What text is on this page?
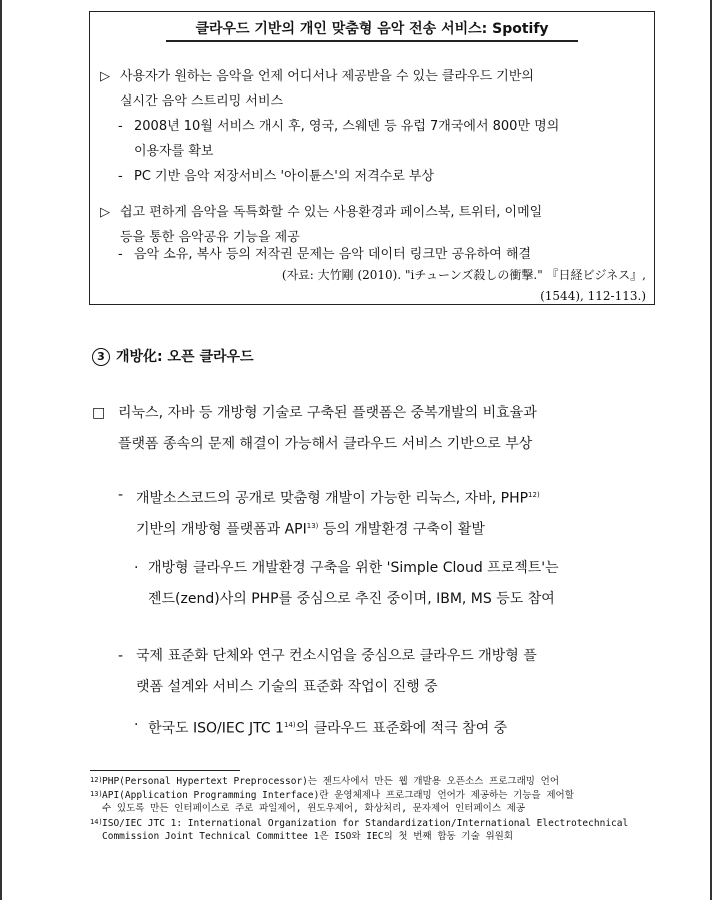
클라우드 기반의 개인 맞춤형 음악 전송 서비스: Spotify
▷ 사용자가 원하는 음악을 언제 어디서나 제공받을 수 있는 클라우드 기반의
실시간 음악 스트리밍 서비스
- 2008년 10월 서비스 개시 후, 영국, 스웨덴 등 유럽 7개국에서 800만 명의
이용자를 확보
- PC 기반 음악 저장서비스 '아이튠스'의 저격수로 부상
▷ 쉽고 편하게 음악을 독특화할 수 있는 사용환경과 페이스북, 트위터, 이메일
등을 통한 음악공유 기능을 제공
- 음악 소유, 복사 등의 저작권 문제는 음악 데이터 링크만 공유하여 해결
(자료: 大竹剛 (2010). "iチューンズ殺しの衝撃." 『日経ビジネス』,
(1544), 112-113.)
3 개방化: 오픈 클라우드
□ 리눅스, 자바 등 개방형 기술로 구축된 플랫폼은 중복개발의 비효율과
플랫폼 종속의 문제 해결이 가능해서 클라우드 서비스 기반으로 부상
- 개발소스코드의 공개로 맞춤형 개발이 가능한 리눅스, 자바, PHP$^{12)}$
기반의 개방형 플랫폼과 API$^{13)}$ 등의 개발환경 구축이 활발
· 개방형 클라우드 개발환경 구축을 위한 'Simple Cloud 프로젝트'는
젠드(zend)사의 PHP를 중심으로 추진 중이며, IBM, MS 등도 참여
- 국제 표준화 단체와 연구 컨소시엄을 중심으로 클라우드 개방형 플
랫폼 설계와 서비스 기술의 표준화 작업이 진행 중
· 한국도 ISO/IEC JTC 1$^{14)}$의 클라우드 표준화에 적극 참여 중
12) PHP(Personal Hypertext Preprocessor)는 젠드사에서 만든 웹 개발용 오픈소스 프로그래밍 언어
13) API(Application Programming Interface)란 운영체제나 프로그래밍 언어가 제공하는 기능을 제어할
수 있도록 만든 인터페이스로 주로 파일제어, 윈도우제어, 화상처리, 문자제어 인터페이스 제공
14) ISO/IEC JTC 1: International Organization for Standardization/International Electrotechnical
Commission Joint Technical Committee 1은 ISO와 IEC의 첫 번째 합동 기술 위원회
